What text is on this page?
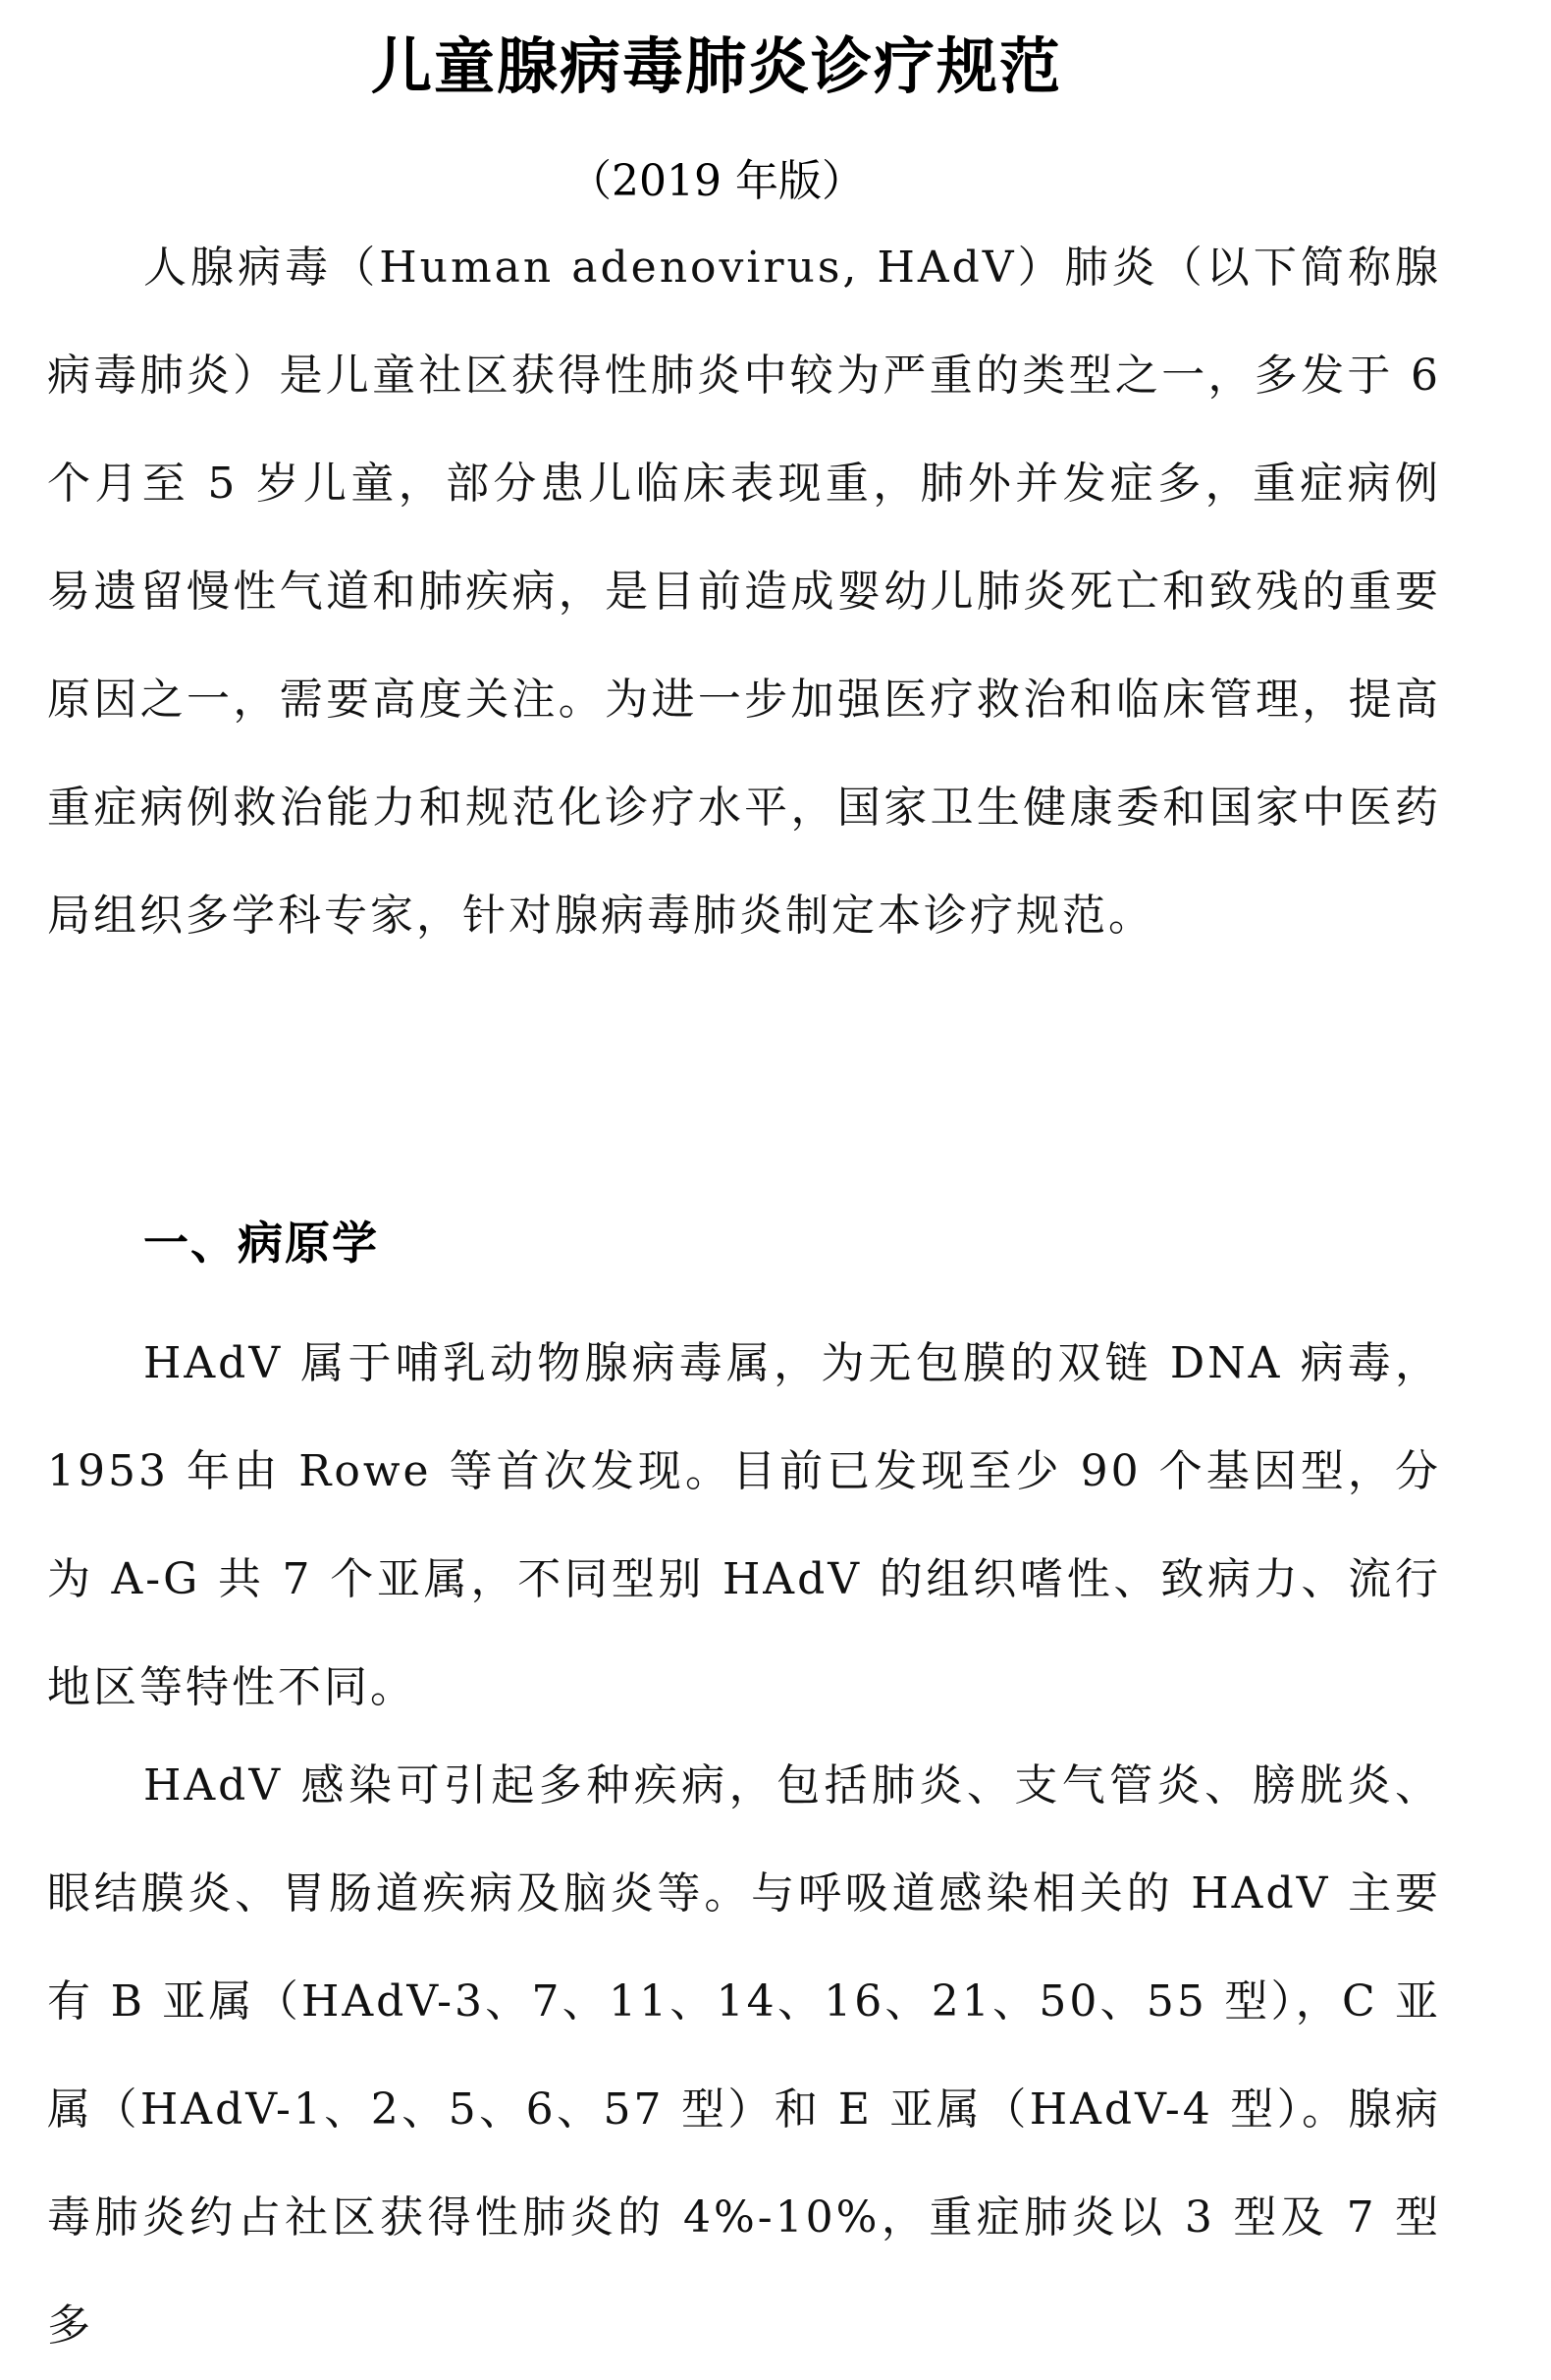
儿童腺病毒肺炎诊疗规范
（2019 年版）

人腺病毒（Human adenovirus, HAdV）肺炎（以下简称腺病毒肺炎）是儿童社区获得性肺炎中较为严重的类型之一，多发于 6 个月至 5 岁儿童，部分患儿临床表现重，肺外并发症多，重症病例易遗留慢性气道和肺疾病，是目前造成婴幼儿肺炎死亡和致残的重要原因之一，需要高度关注。为进一步加强医疗救治和临床管理，提高重症病例救治能力和规范化诊疗水平，国家卫生健康委和国家中医药局组织多学科专家，针对腺病毒肺炎制定本诊疗规范。

一、病原学

HAdV 属于哺乳动物腺病毒属，为无包膜的双链 DNA 病毒，1953 年由 Rowe 等首次发现。目前已发现至少 90 个基因型，分为 A-G 共 7 个亚属，不同型别 HAdV 的组织嗜性、致病力、流行地区等特性不同。

HAdV 感染可引起多种疾病，包括肺炎、支气管炎、膀胱炎、眼结膜炎、胃肠道疾病及脑炎等。与呼吸道感染相关的 HAdV 主要有 B 亚属（HAdV-3、7、11、14、16、21、50、55 型），C 亚属（HAdV-1、2、5、6、57 型）和 E 亚属（HAdV-4 型）。腺病毒肺炎约占社区获得性肺炎的 4%-10%，重症肺炎以 3 型及 7 型多
